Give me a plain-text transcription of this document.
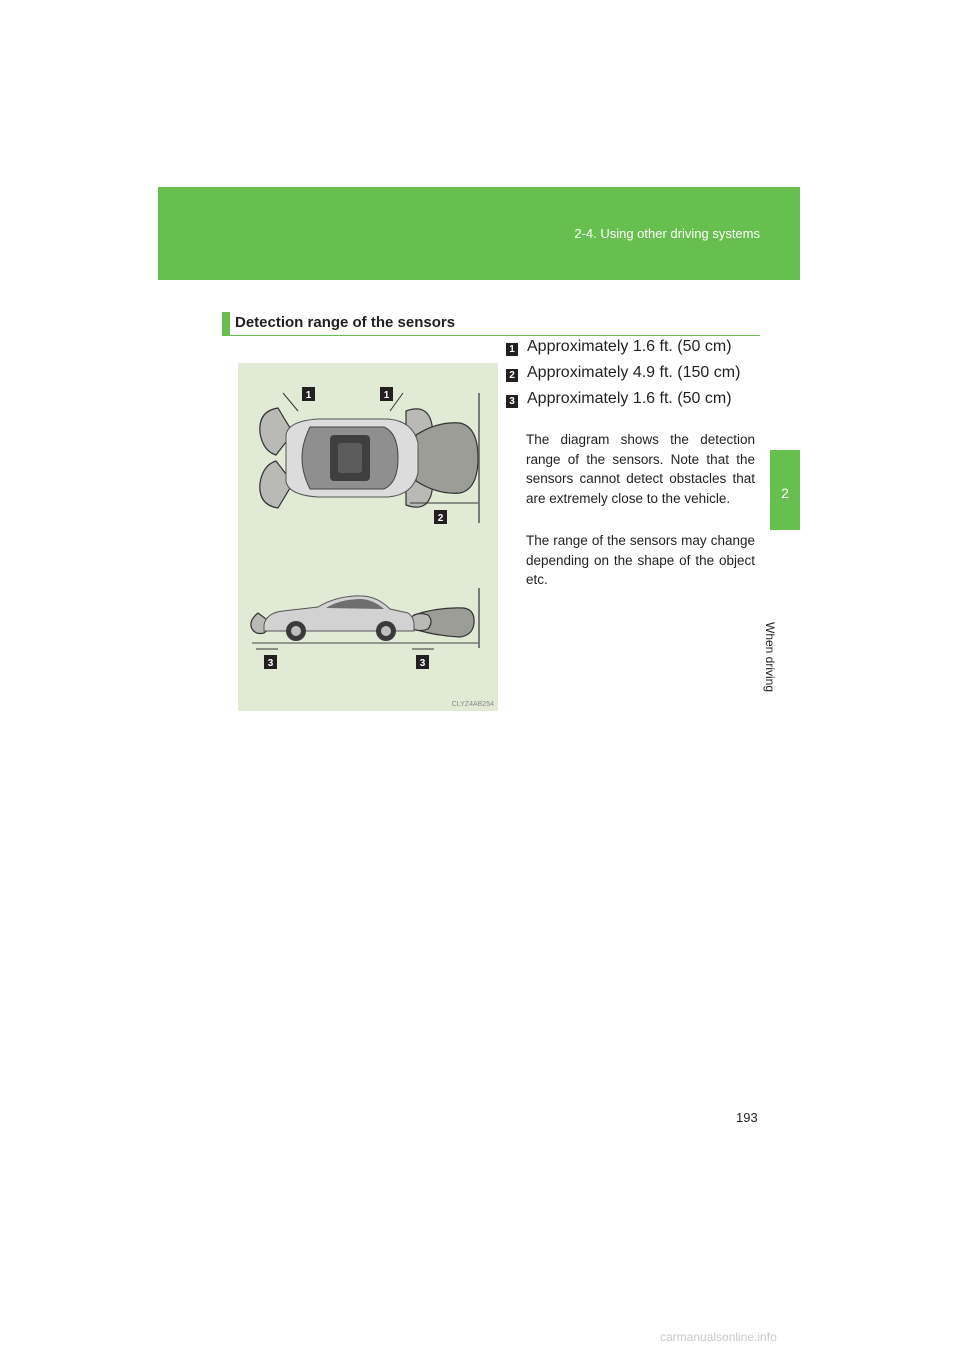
2-4. Using other driving systems
2
When driving
Detection range of the sensors
1	1
2
3	3
CLYZ4AB254
1 Approximately 1.6 ft. (50 cm)
2 Approximately 4.9 ft. (150 cm)
3 Approximately 1.6 ft. (50 cm)

The diagram shows the detection range of the sensors. Note that the sensors cannot detect obstacles that are extremely close to the vehicle.

The range of the sensors may change depending on the shape of the object etc.

193
carmanualsonline.info
